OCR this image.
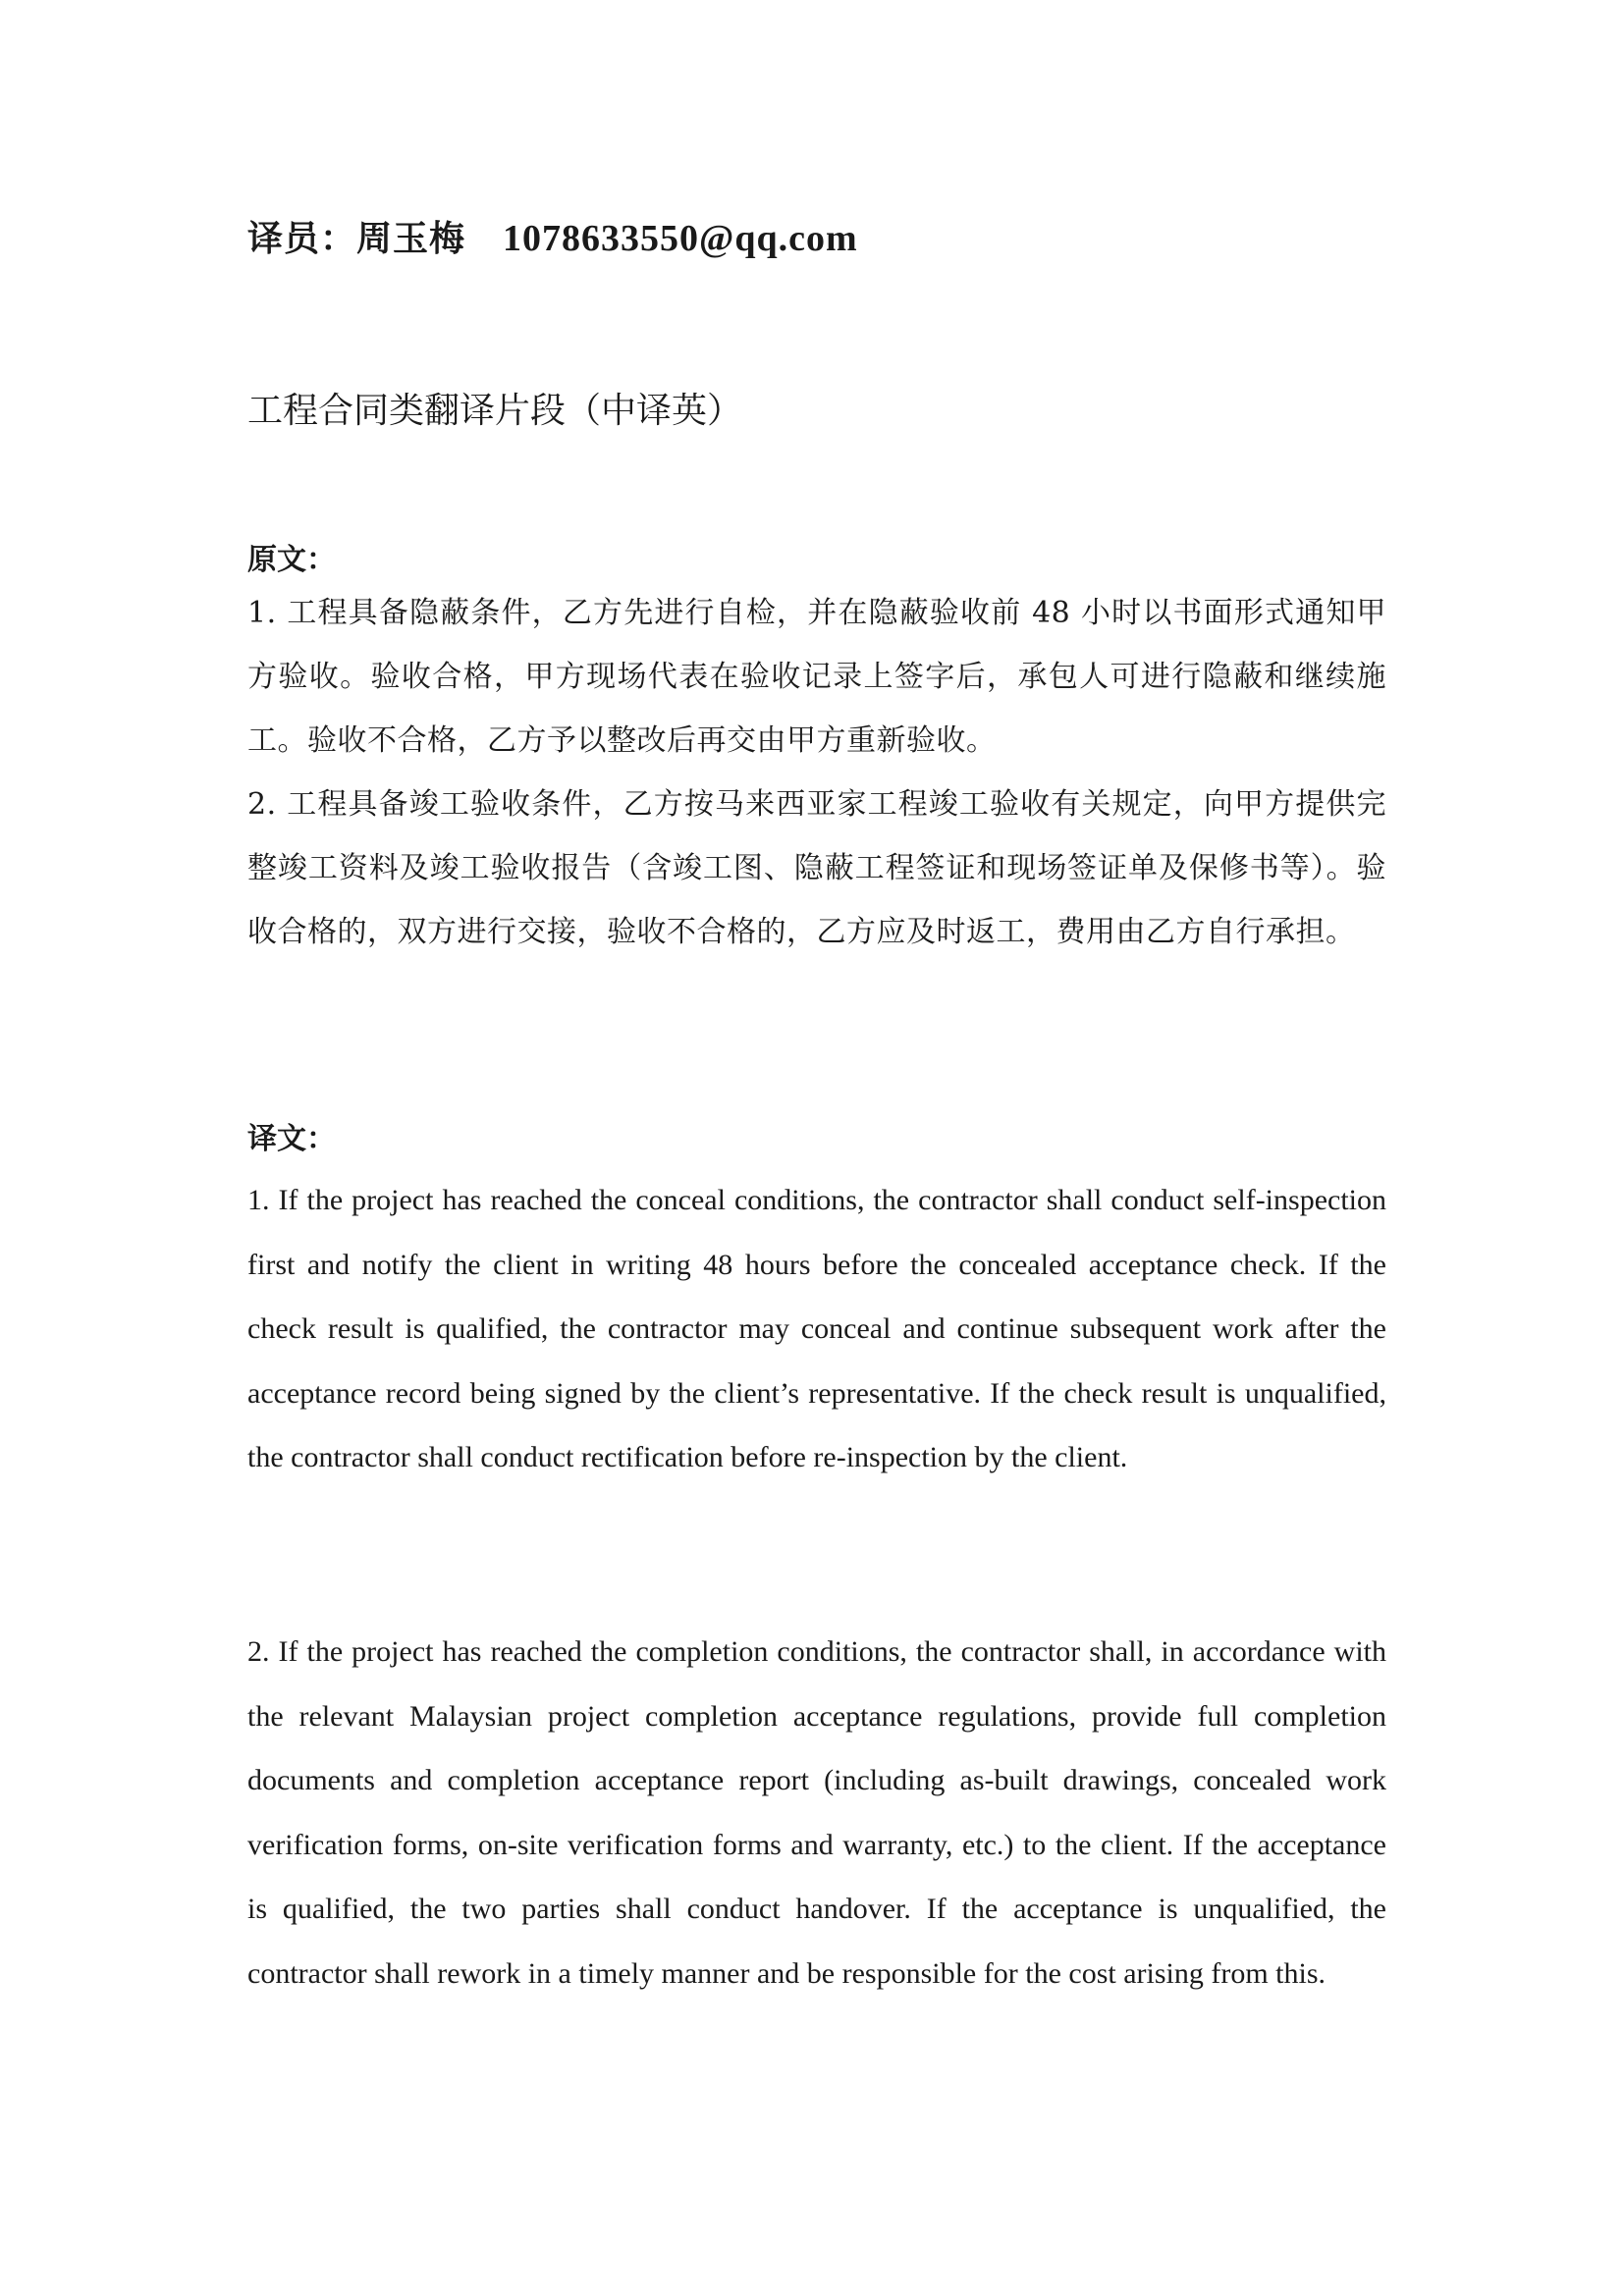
译员：周玉梅 1078633550@qq.com
工程合同类翻译片段（中译英）
原文：

1. 工程具备隐蔽条件，乙方先进行自检，并在隐蔽验收前 48 小时以书面形式通知甲方验收。验收合格，甲方现场代表在验收记录上签字后，承包人可进行隐蔽和继续施工。验收不合格，乙方予以整改后再交由甲方重新验收。

2. 工程具备竣工验收条件，乙方按马来西亚家工程竣工验收有关规定，向甲方提供完整竣工资料及竣工验收报告（含竣工图、隐蔽工程签证和现场签证单及保修书等）。验收合格的，双方进行交接，验收不合格的，乙方应及时返工，费用由乙方自行承担。

译文：
1. If the project has reached the conceal conditions, the contractor shall conduct self-inspection first and notify the client in writing 48 hours before the concealed acceptance check. If the check result is qualified, the contractor may conceal and continue subsequent work after the acceptance record being signed by the client’s representative. If the check result is unqualified, the contractor shall conduct rectification before re-inspection by the client.
2. If the project has reached the completion conditions, the contractor shall, in accordance with the relevant Malaysian project completion acceptance regulations, provide full completion documents and completion acceptance report (including as-built drawings, concealed work verification forms, on-site verification forms and warranty, etc.) to the client. If the acceptance is qualified, the two parties shall conduct handover. If the acceptance is unqualified, the contractor shall rework in a timely manner and be responsible for the cost arising from this.
